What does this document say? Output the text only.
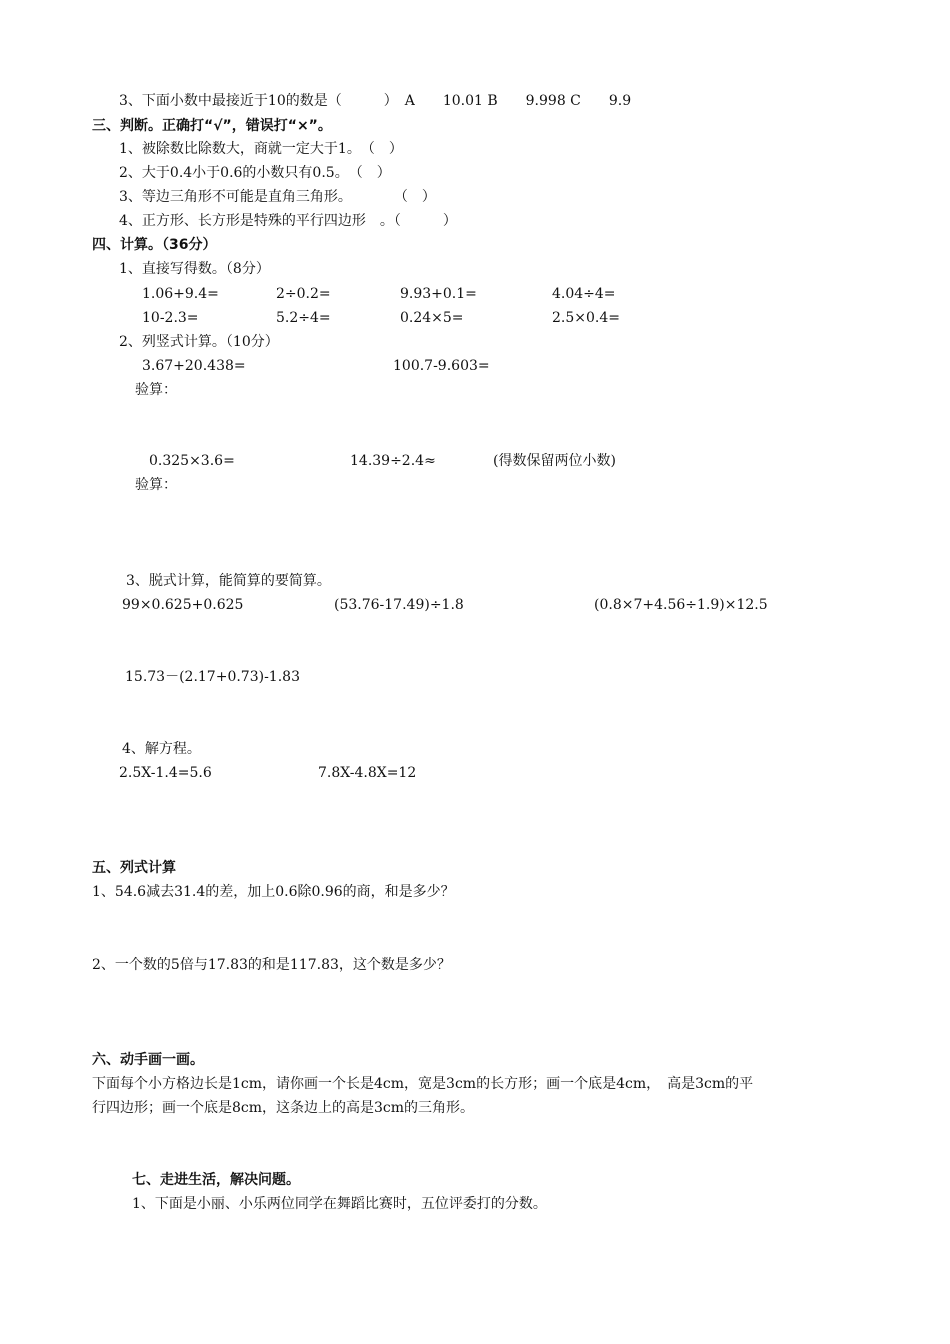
3、下面小数中最接近于10的数是（　　　）　A　　10.01 B　　9.998 C　　9.9
三、判断。正确打“√”，错误打“×”。
1、被除数比除数大，商就一定大于1。　（　）
2、大于0.4小于0.6的小数只有0.5。　（　）
3、等边三角形不可能是直角三角形。　　　　（　）
4、正方形、长方形是特殊的平行四边形　。（　　　）
四、计算。（36分）
1、直接写得数。（8分）
1.06+9.4=	2÷0.2=	9.93+0.1=	4.04÷4=
10-2.3=	5.2÷4=	0.24×5=	2.5×0.4=
2、列竖式计算。（10分）
3.67+20.438=	100.7-9.603=
验算：
0.325×3.6=	14.39÷2.4≈	(得数保留两位小数)
验算：
3、脱式计算，能简算的要简算。
99×0.625+0.625	(53.76-17.49)÷1.8	(0.8×7+4.56÷1.9)×12.5
15.73－(2.17+0.73)-1.83
4、解方程。
2.5X-1.4=5.6	7.8X-4.8X=12
五、列式计算
1、54.6减去31.4的差，加上0.6除0.96的商，和是多少？
2、一个数的5倍与17.83的和是117.83，这个数是多少？
六、动手画一画。
下面每个小方格边长是1cm，请你画一个长是4cm，宽是3cm的长方形；画一个底是4cm，　高是3cm的平
行四边形；画一个底是8cm，这条边上的高是3cm的三角形。
七、走进生活，解决问题。
1、下面是小丽、小乐两位同学在舞蹈比赛时，五位评委打的分数。
